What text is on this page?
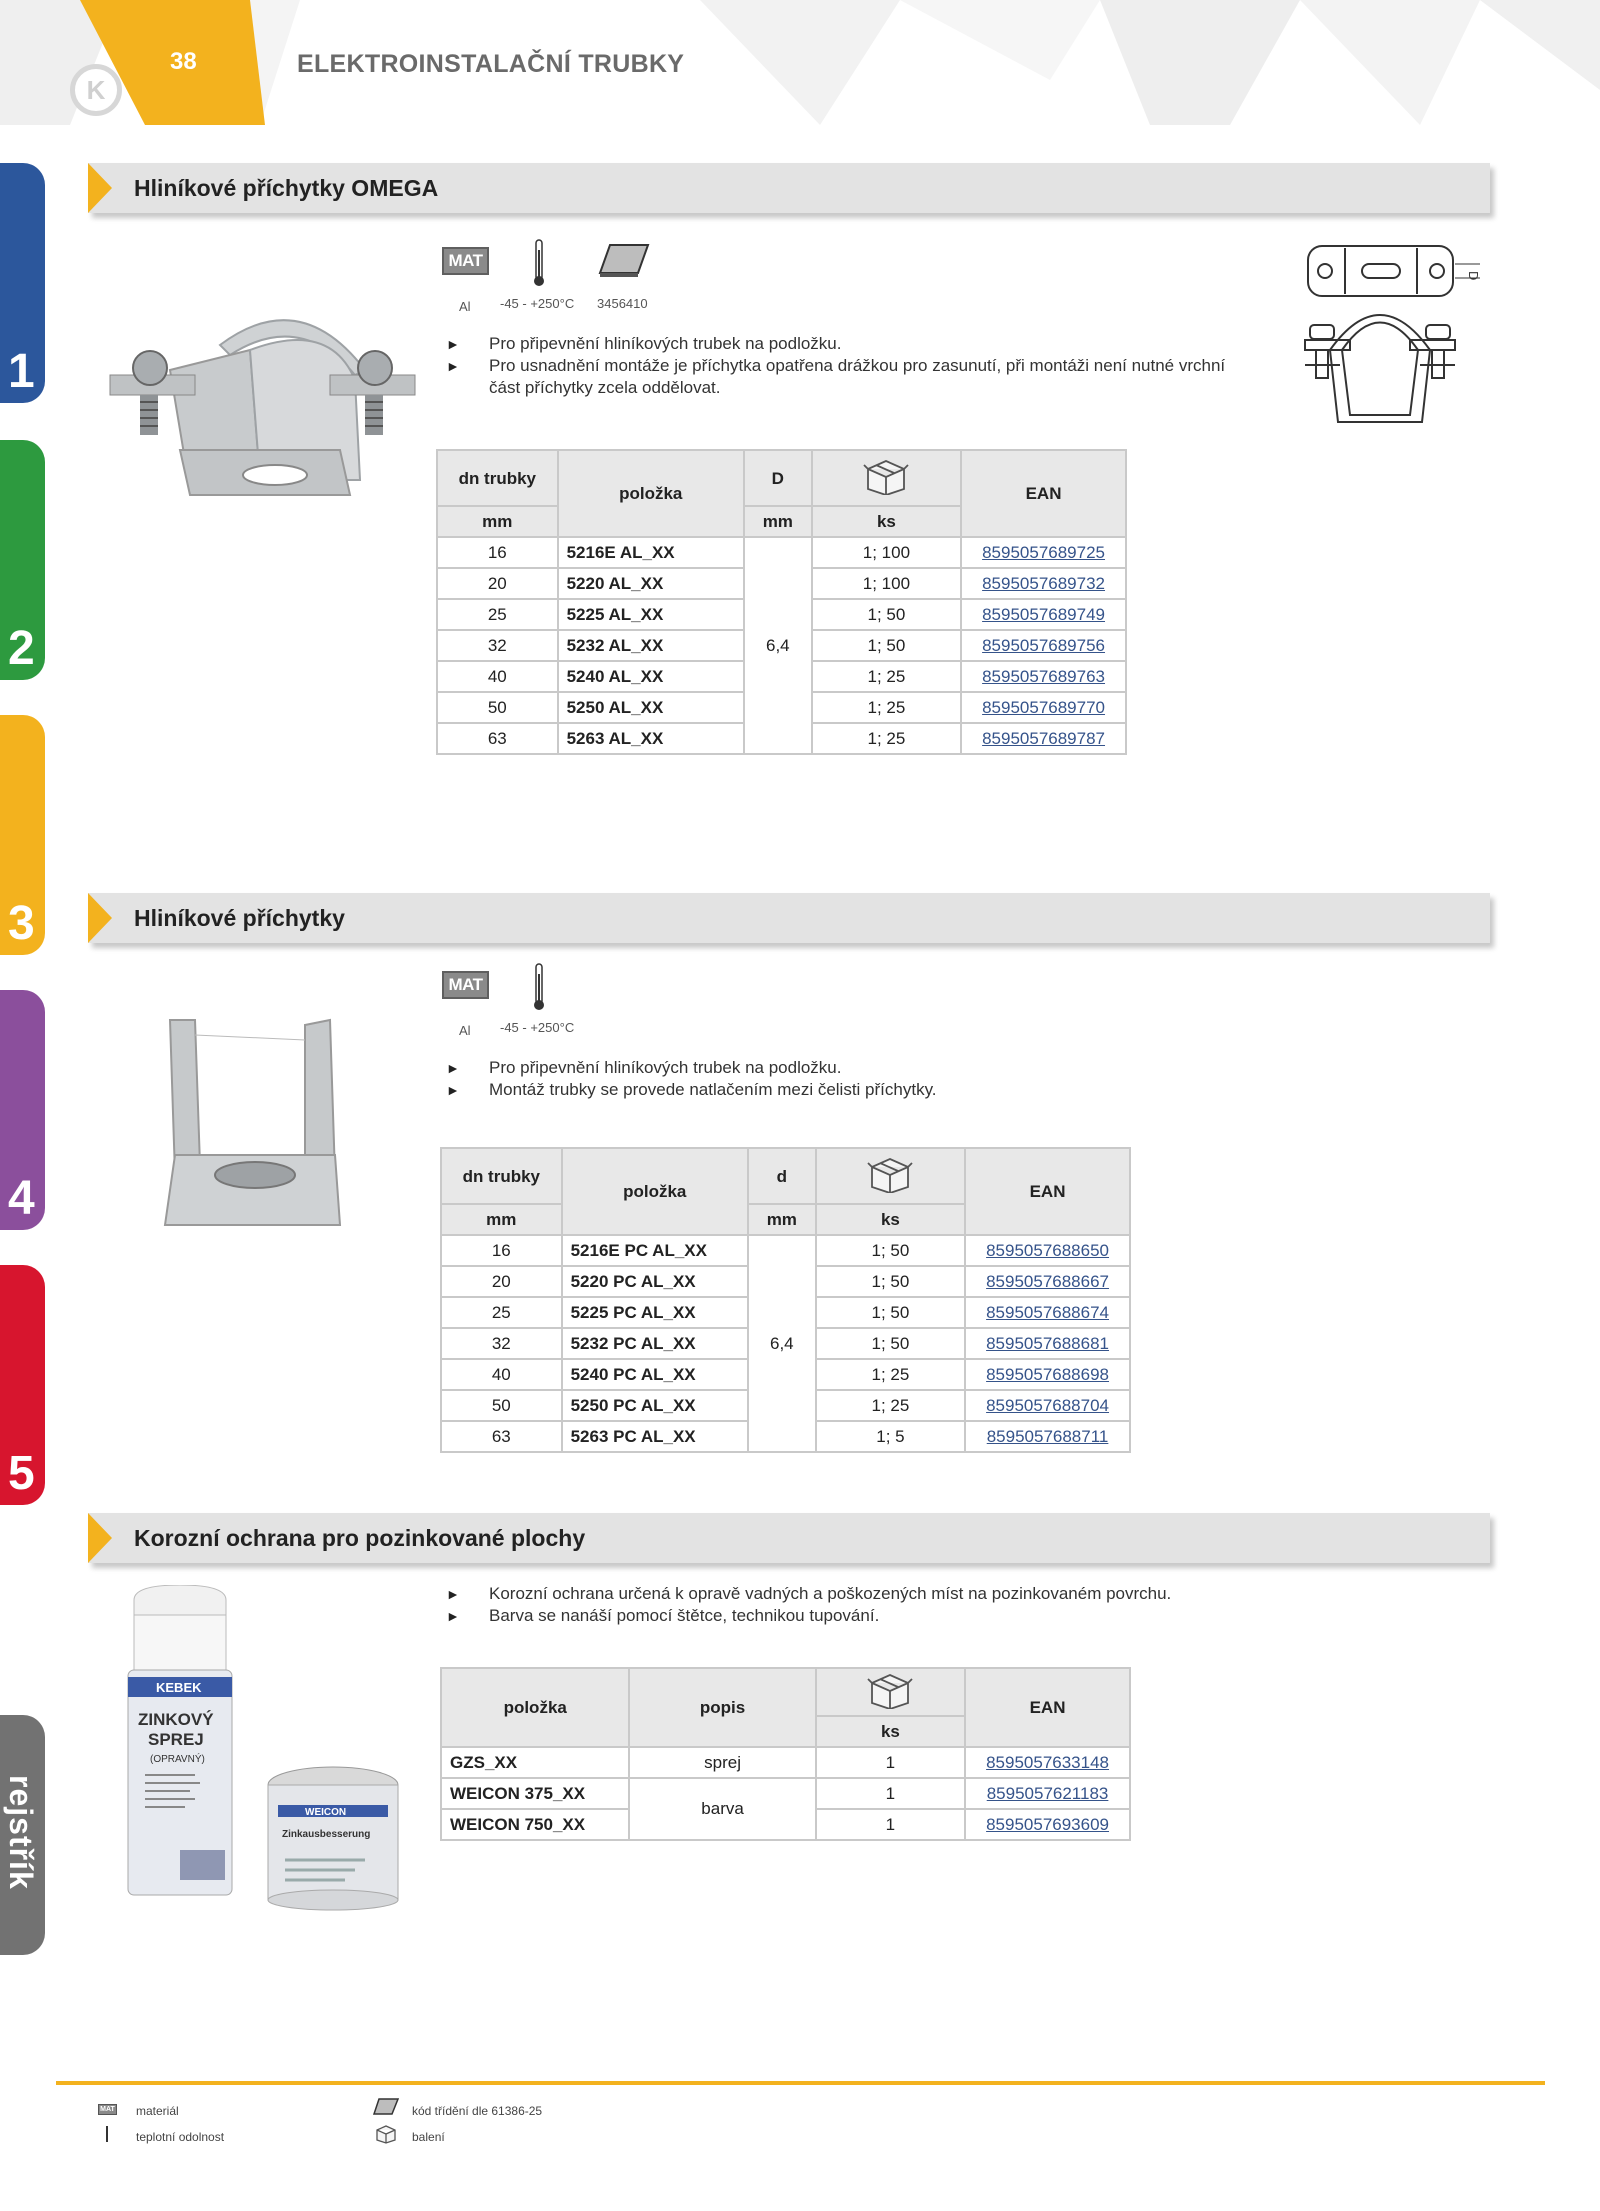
K
38	ELEKTROINSTALAČNÍ TRUBKY
1
2
3
4
5
rejstřík
Hliníkové příchytky OMEGA
MAT
Al -45 - +250°C 3456410
► Pro připevnění hliníkových trubek na podložku.
► Pro usnadnění montáže je příchytka opatřena drážkou pro zasunutí, při montáži není nutné vrchní část příchytky zcela oddělovat.
D
dn trubky	položka	D		EAN
mm		mm	ks	
16	5216E AL_XX	6,4	1; 100	8595057689725
20	5220 AL_XX		1; 100	8595057689732
25	5225 AL_XX		1; 50	8595057689749
32	5232 AL_XX		1; 50	8595057689756
40	5240 AL_XX		1; 25	8595057689763
50	5250 AL_XX		1; 25	8595057689770
63	5263 AL_XX		1; 25	8595057689787
Hliníkové příchytky
MAT
Al -45 - +250°C
► Pro připevnění hliníkových trubek na podložku.
► Montáž trubky se provede natlačením mezi čelisti příchytky.
dn trubky	položka	d		EAN
mm		mm	ks	
16	5216E PC AL_XX	6,4	1; 50	8595057688650
20	5220 PC AL_XX		1; 50	8595057688667
25	5225 PC AL_XX		1; 50	8595057688674
32	5232 PC AL_XX		1; 50	8595057688681
40	5240 PC AL_XX		1; 25	8595057688698
50	5250 PC AL_XX		1; 25	8595057688704
63	5263 PC AL_XX		1; 5	8595057688711
Korozní ochrana pro pozinkované plochy
KEBEK
ZINKOVÝ
SPREJ
(OPRAVNÝ)
WEICON
Zinkausbesserung
► Korozní ochrana určená k opravě vadných a poškozených míst na pozinkovaném povrchu.
► Barva se nanáší pomocí štětce, technikou tupování.
položka	popis		EAN
		ks	
GZS_XX	sprej	1	8595057633148
WEICON 375_XX	barva	1	8595057621183
WEICON 750_XX		1	8595057693609
MAT materiál
teplotní odolnost
kód třídění dle 61386-25
balení
